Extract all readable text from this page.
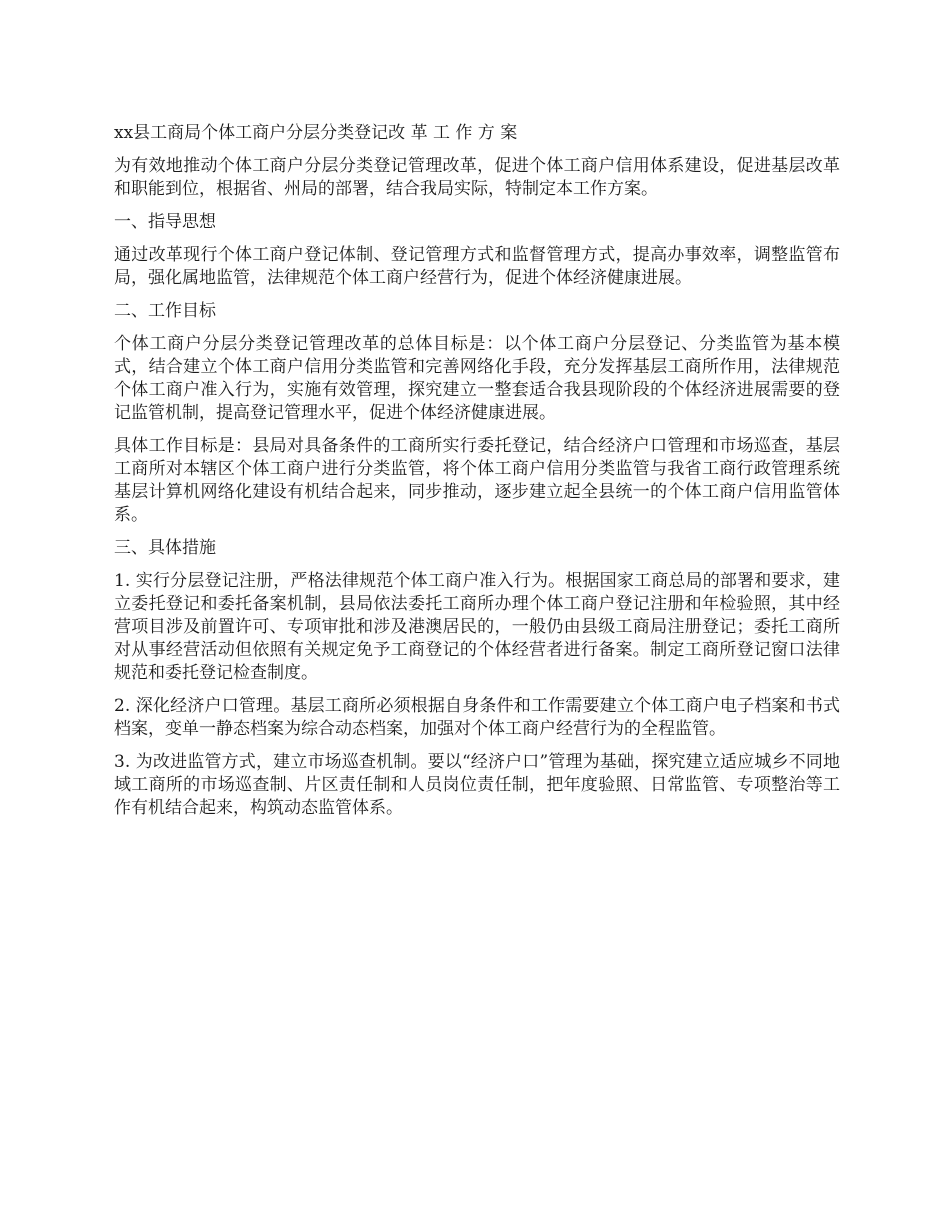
xx县工商局个体工商户分层分类登记改 革 工 作 方 案

为有效地推动个体工商户分层分类登记管理改革，促进个体工商户信用体系建设，促进基层改革和职能到位，根据省、州局的部署，结合我局实际，特制定本工作方案。

一、指导思想

通过改革现行个体工商户登记体制、登记管理方式和监督管理方式，提高办事效率，调整监管布局，强化属地监管，法律规范个体工商户经营行为，促进个体经济健康进展。

二、工作目标

个体工商户分层分类登记管理改革的总体目标是：以个体工商户分层登记、分类监管为基本模式，结合建立个体工商户信用分类监管和完善网络化手段，充分发挥基层工商所作用，法律规范个体工商户准入行为，实施有效管理，探究建立一整套适合我县现阶段的个体经济进展需要的登记监管机制，提高登记管理水平，促进个体经济健康进展。

具体工作目标是：县局对具备条件的工商所实行委托登记，结合经济户口管理和市场巡查，基层工商所对本辖区个体工商户进行分类监管，将个体工商户信用分类监管与我省工商行政管理系统基层计算机网络化建设有机结合起来，同步推动，逐步建立起全县统一的个体工商户信用监管体系。

三、具体措施

1. 实行分层登记注册，严格法律规范个体工商户准入行为。根据国家工商总局的部署和要求，建立委托登记和委托备案机制，县局依法委托工商所办理个体工商户登记注册和年检验照，其中经营项目涉及前置许可、专项审批和涉及港澳居民的，一般仍由县级工商局注册登记；委托工商所对从事经营活动但依照有关规定免予工商登记的个体经营者进行备案。制定工商所登记窗口法律规范和委托登记检查制度。

2. 深化经济户口管理。基层工商所必须根据自身条件和工作需要建立个体工商户电子档案和书式档案，变单一静态档案为综合动态档案，加强对个体工商户经营行为的全程监管。

3. 为改进监管方式，建立市场巡查机制。要以“经济户口”管理为基础，探究建立适应城乡不同地域工商所的市场巡查制、片区责任制和人员岗位责任制，把年度验照、日常监管、专项整治等工作有机结合起来，构筑动态监管体系。
